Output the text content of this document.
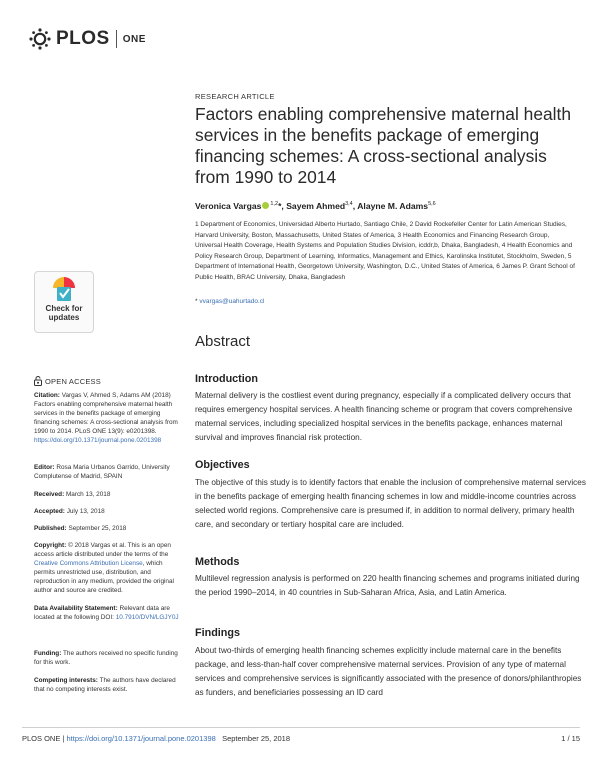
PLOS ONE
Check for updates
OPEN ACCESS
Citation: Vargas V, Ahmed S, Adams AM (2018) Factors enabling comprehensive maternal health services in the benefits package of emerging financing schemes: A cross-sectional analysis from 1990 to 2014. PLoS ONE 13(9): e0201398. https://doi.org/10.1371/journal.pone.0201398
Editor: Rosa Maria Urbanos Garrido, University Complutense of Madrid, SPAIN
Received: March 13, 2018
Accepted: July 13, 2018
Published: September 25, 2018
Copyright: © 2018 Vargas et al. This is an open access article distributed under the terms of the Creative Commons Attribution License, which permits unrestricted use, distribution, and reproduction in any medium, provided the original author and source are credited.
Data Availability Statement: Relevant data are located at the following DOI: 10.7910/DVN/LGJY0J
Funding: The authors received no specific funding for this work.
Competing interests: The authors have declared that no competing interests exist.
RESEARCH ARTICLE
Factors enabling comprehensive maternal health services in the benefits package of emerging financing schemes: A cross-sectional analysis from 1990 to 2014
Veronica Vargas $^{1,2}$*, Sayem Ahmed$^{3,4}$, Alayne M. Adams$^{5,6}$
1 Department of Economics, Universidad Alberto Hurtado, Santiago Chile, 2 David Rockefeller Center for Latin American Studies, Harvard University, Boston, Massachusetts, United States of America, 3 Health Economics and Financing Research Group, Universal Health Coverage, Health Systems and Population Studies Division, icddr,b, Dhaka, Bangladesh, 4 Health Economics and Policy Research Group, Department of Learning, Informatics, Management and Ethics, Karolinska Institutet, Stockholm, Sweden, 5 Department of International Health, Georgetown University, Washington, D.C., United States of America, 6 James P. Grant School of Public Health, BRAC University, Dhaka, Bangladesh
* vvargas@uahurtado.cl
Abstract
Introduction
Maternal delivery is the costliest event during pregnancy, especially if a complicated delivery occurs that requires emergency hospital services. A health financing scheme or program that covers comprehensive maternal services, including specialized hospital services in the benefits package, enhances maternal survival and improves financial risk protection.
Objectives
The objective of this study is to identify factors that enable the inclusion of comprehensive maternal services in the benefits package of emerging health financing schemes in low and middle-income countries across selected world regions. Comprehensive care is presumed if, in addition to normal delivery, primary health care, and secondary or tertiary hospital care are included.
Methods
Multilevel regression analysis is performed on 220 health financing schemes and programs initiated during the period 1990–2014, in 40 countries in Sub-Saharan Africa, Asia, and Latin America.
Findings
About two-thirds of emerging health financing schemes explicitly include maternal care in the benefits package, and less-than-half cover comprehensive maternal services. Provision of any type of maternal services and comprehensive services is significantly associated with the presence of donors/philanthropies as funders, and beneficiaries possessing an ID card
PLOS ONE
|
https://doi.org/10.1371/journal.pone.0201398
September 25, 2018	1 / 15
